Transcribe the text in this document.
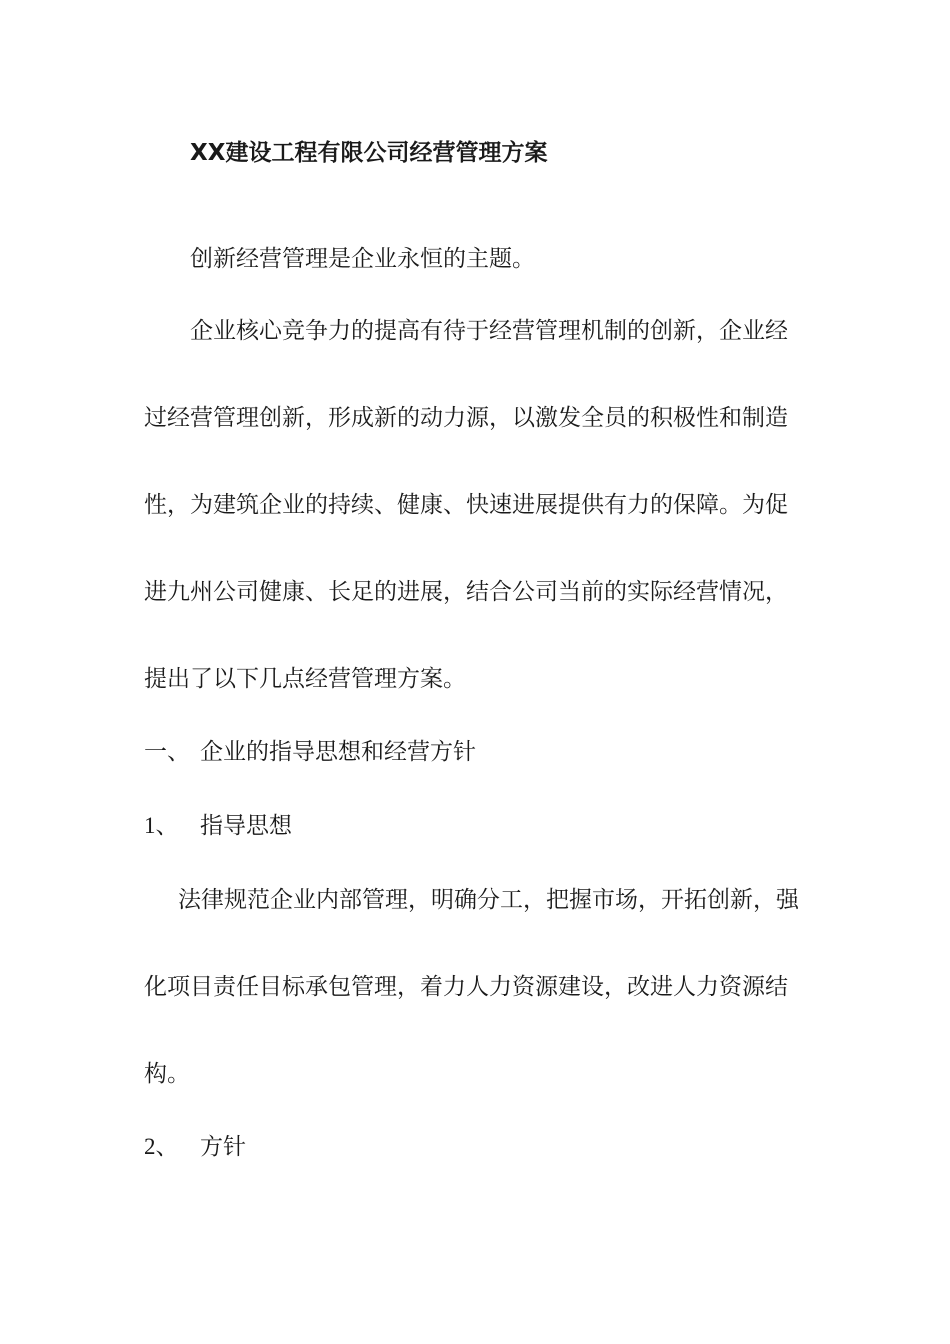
XX建设工程有限公司经营管理方案
创新经营管理是企业永恒的主题。
企业核心竞争力的提高有待于经营管理机制的创新，企业经
过经营管理创新，形成新的动力源，以激发全员的积极性和制造
性，为建筑企业的持续、健康、快速进展提供有力的保障。为促
进九州公司健康、长足的进展，结合公司当前的实际经营情况，
提出了以下几点经营管理方案。
一、 企业的指导思想和经营方针
1、 指导思想
法律规范企业内部管理，明确分工，把握市场，开拓创新，强
化项目责任目标承包管理，着力人力资源建设，改进人力资源结
构。
2、 方针
